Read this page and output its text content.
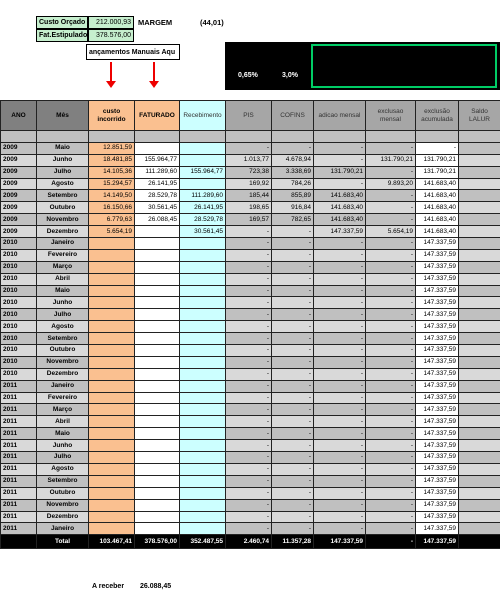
Custo Orçado	212.000,93 MARGEM	(44,01)
Fat.Estipulado	378.576,00
ançamentos Manuais Aqu
0,65%	3,0%
ANO	Mês	custo incorrido	FATURADO	Recebimento	PIS	COFINS	adicao mensal	exclusao mensal	exclusão acumulada	Saldo LALUR

2009	Maio	12.851,59			-	-	-	-	-	
2009	Junho	18.481,85	155.964,77		1.013,77	4.678,94	-	131.790,21	131.790,21	
2009	Julho	14.105,36	111.289,60	155.964,77	723,38	3.338,69	131.790,21	-	131.790,21	
2009	Agosto	15.294,57	26.141,95		169,92	784,26	-	9.893,20	141.683,40	
2009	Setembro	14.149,50	28.529,78	111.289,60	185,44	855,89	141.683,40	-	141.683,40	
2009	Outubro	16.150,66	30.561,45	26.141,95	198,65	916,84	141.683,40	-	141.683,40	
2009	Novembro	6.779,63	26.088,45	28.529,78	169,57	782,65	141.683,40	-	141.683,40	
2009	Dezembro	5.654,19		30.561,45	-	-	147.337,59	5.654,19	141.683,40	
2010	Janeiro				-	-	-	-	147.337,59	
2010	Fevereiro				-	-	-	-	147.337,59	
2010	Março				-	-	-	-	147.337,59	
2010	Abril				-	-	-	-	147.337,59	
2010	Maio				-	-	-	-	147.337,59	
2010	Junho				-	-	-	-	147.337,59	
2010	Julho				-	-	-	-	147.337,59	
2010	Agosto				-	-	-	-	147.337,59	
2010	Setembro				-	-	-	-	147.337,59	
2010	Outubro				-	-	-	-	147.337,59	
2010	Novembro				-	-	-	-	147.337,59	
2010	Dezembro				-	-	-	-	147.337,59	
2011	Janeiro				-	-	-	-	147.337,59	
2011	Fevereiro				-	-	-	-	147.337,59	
2011	Março				-	-	-	-	147.337,59	
2011	Abril				-	-	-	-	147.337,59	
2011	Maio				-	-	-	-	147.337,59	
2011	Junho				-	-	-	-	147.337,59	
2011	Julho				-	-	-	-	147.337,59	
2011	Agosto				-	-	-	-	147.337,59	
2011	Setembro				-	-	-	-	147.337,59	
2011	Outubro				-	-	-	-	147.337,59	
2011	Novembro				-	-	-	-	147.337,59	
2011	Dezembro				-	-	-	-	147.337,59	
2011	Janeiro				-	-	-	-	147.337,59	
	Total	103.467,41	378.576,00	352.487,55	2.460,74	11.357,28	147.337,59	-	147.337,59	
A receber 26.088,45
